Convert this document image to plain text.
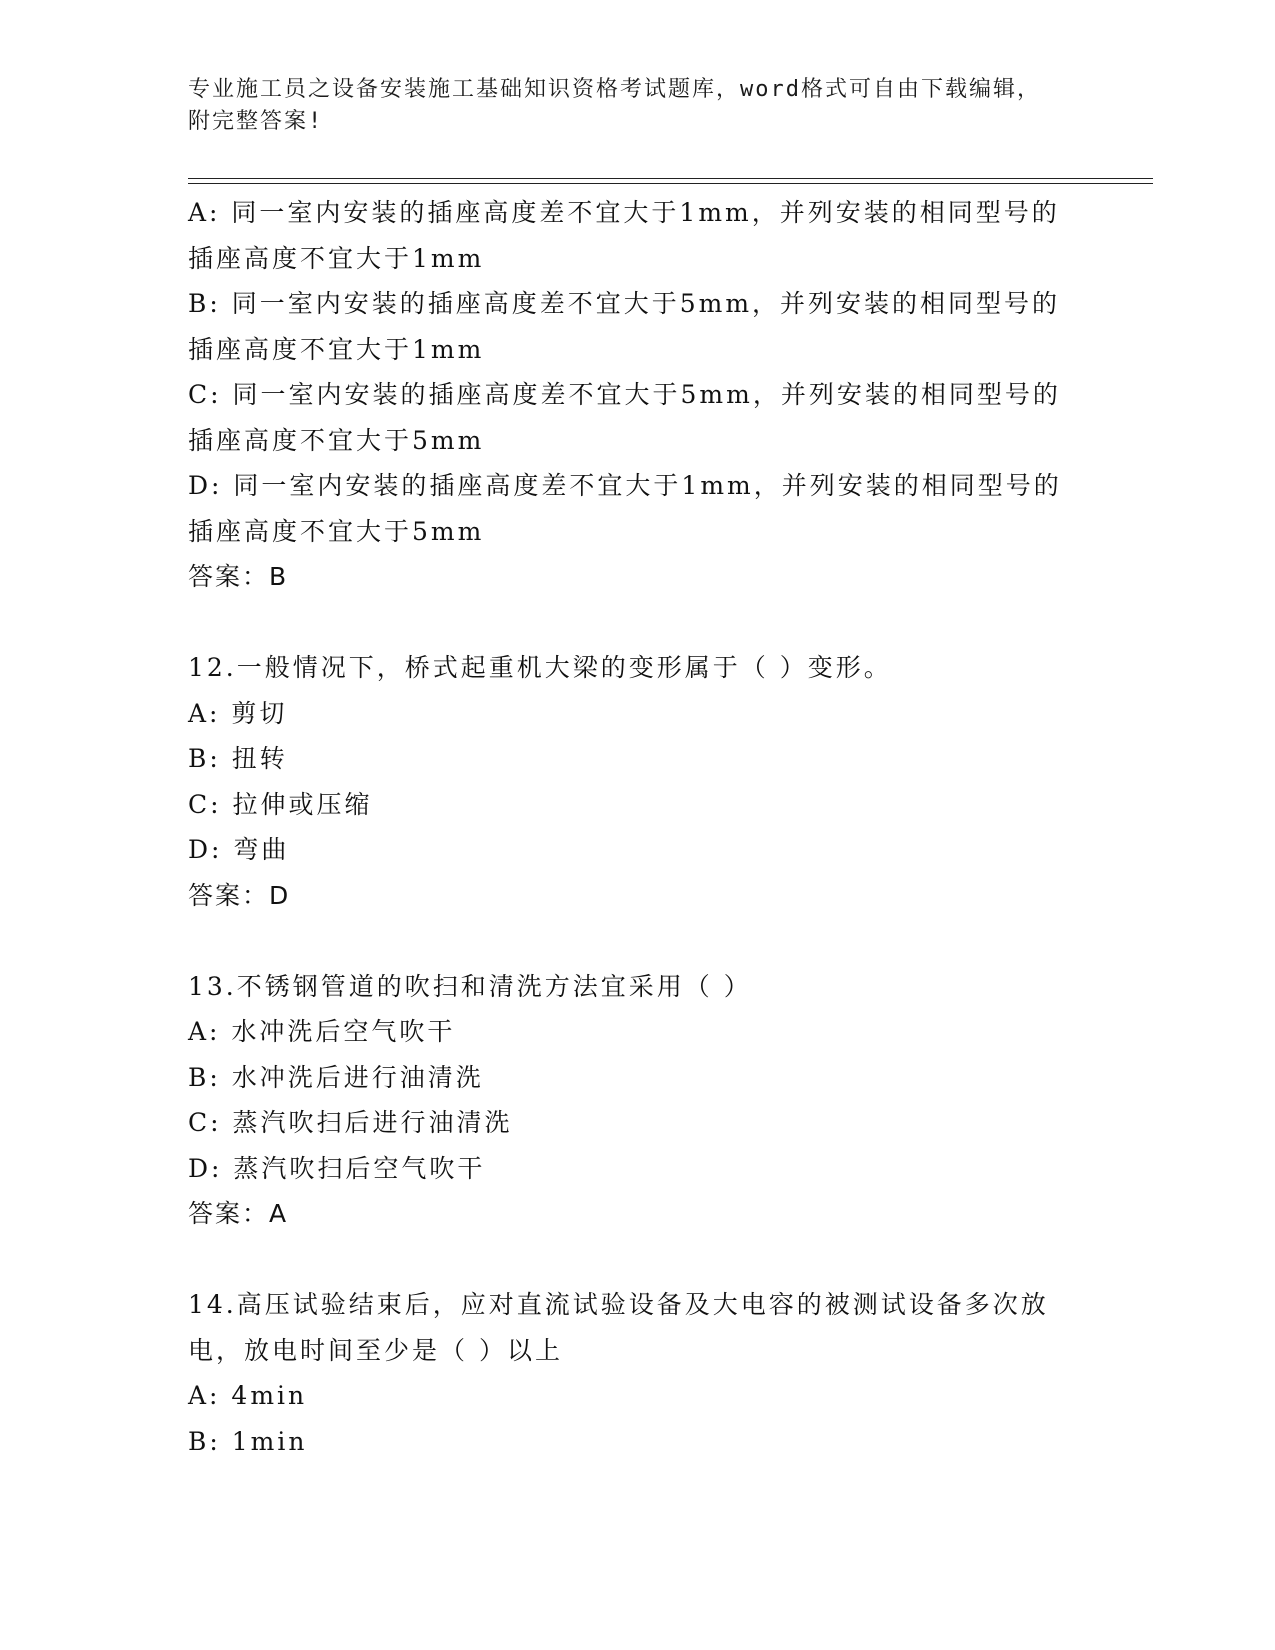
专业施工员之设备安装施工基础知识资格考试题库，word格式可自由下载编辑，
附完整答案!
A: 同一室内安装的插座高度差不宜大于1mm，并列安装的相同型号的
插座高度不宜大于1mm
B: 同一室内安装的插座高度差不宜大于5mm，并列安装的相同型号的
插座高度不宜大于1mm
C: 同一室内安装的插座高度差不宜大于5mm，并列安装的相同型号的
插座高度不宜大于5mm
D: 同一室内安装的插座高度差不宜大于1mm，并列安装的相同型号的
插座高度不宜大于5mm
答案：B
12.一般情况下，桥式起重机大梁的变形属于（ ）变形。
A: 剪切
B: 扭转
C: 拉伸或压缩
D: 弯曲
答案：D
13.不锈钢管道的吹扫和清洗方法宜采用（ ）
A: 水冲洗后空气吹干
B: 水冲洗后进行油清洗
C: 蒸汽吹扫后进行油清洗
D: 蒸汽吹扫后空气吹干
答案：A
14.高压试验结束后，应对直流试验设备及大电容的被测试设备多次放
电，放电时间至少是（ ）以上
A: 4min
B: 1min
